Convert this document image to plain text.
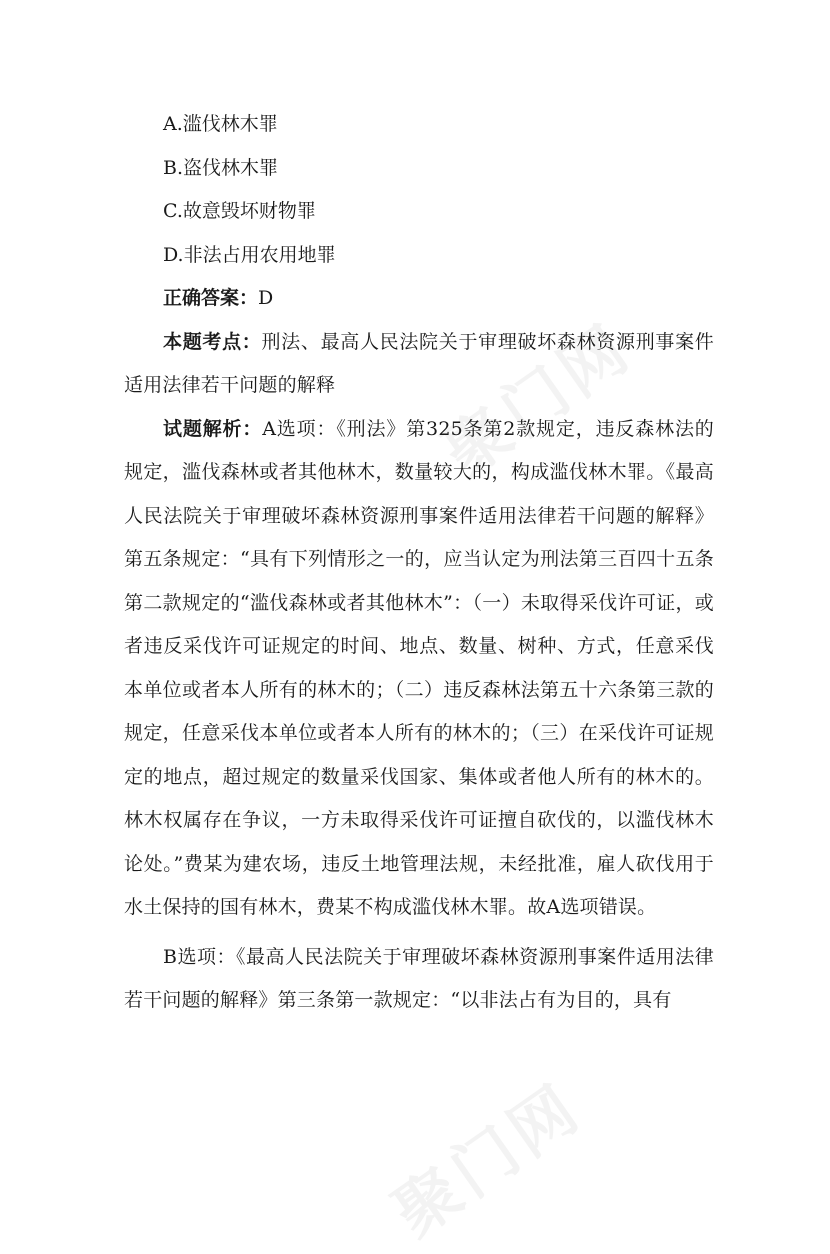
A.滥伐林木罪

B.盗伐林木罪

C.故意毁坏财物罪

D.非法占用农用地罪

正确答案：D

本题考点：刑法、最高人民法院关于审理破坏森林资源刑事案件适用法律若干问题的解释

试题解析：A选项：《刑法》第325条第2款规定，违反森林法的规定，滥伐森林或者其他林木，数量较大的，构成滥伐林木罪。《最高人民法院关于审理破坏森林资源刑事案件适用法律若干问题的解释》第五条规定：“具有下列情形之一的，应当认定为刑法第三百四十五条第二款规定的“滥伐森林或者其他林木”：（一）未取得采伐许可证，或者违反采伐许可证规定的时间、地点、数量、树种、方式，任意采伐本单位或者本人所有的林木的；（二）违反森林法第五十六条第三款的规定，任意采伐本单位或者本人所有的林木的；（三）在采伐许可证规定的地点，超过规定的数量采伐国家、集体或者他人所有的林木的。林木权属存在争议，一方未取得采伐许可证擅自砍伐的，以滥伐林木论处。”费某为建农场，违反土地管理法规，未经批准，雇人砍伐用于水土保持的国有林木，费某不构成滥伐林木罪。故A选项错误。

B选项：《最高人民法院关于审理破坏森林资源刑事案件适用法律若干问题的解释》第三条第一款规定：“以非法占有为目的，具有
